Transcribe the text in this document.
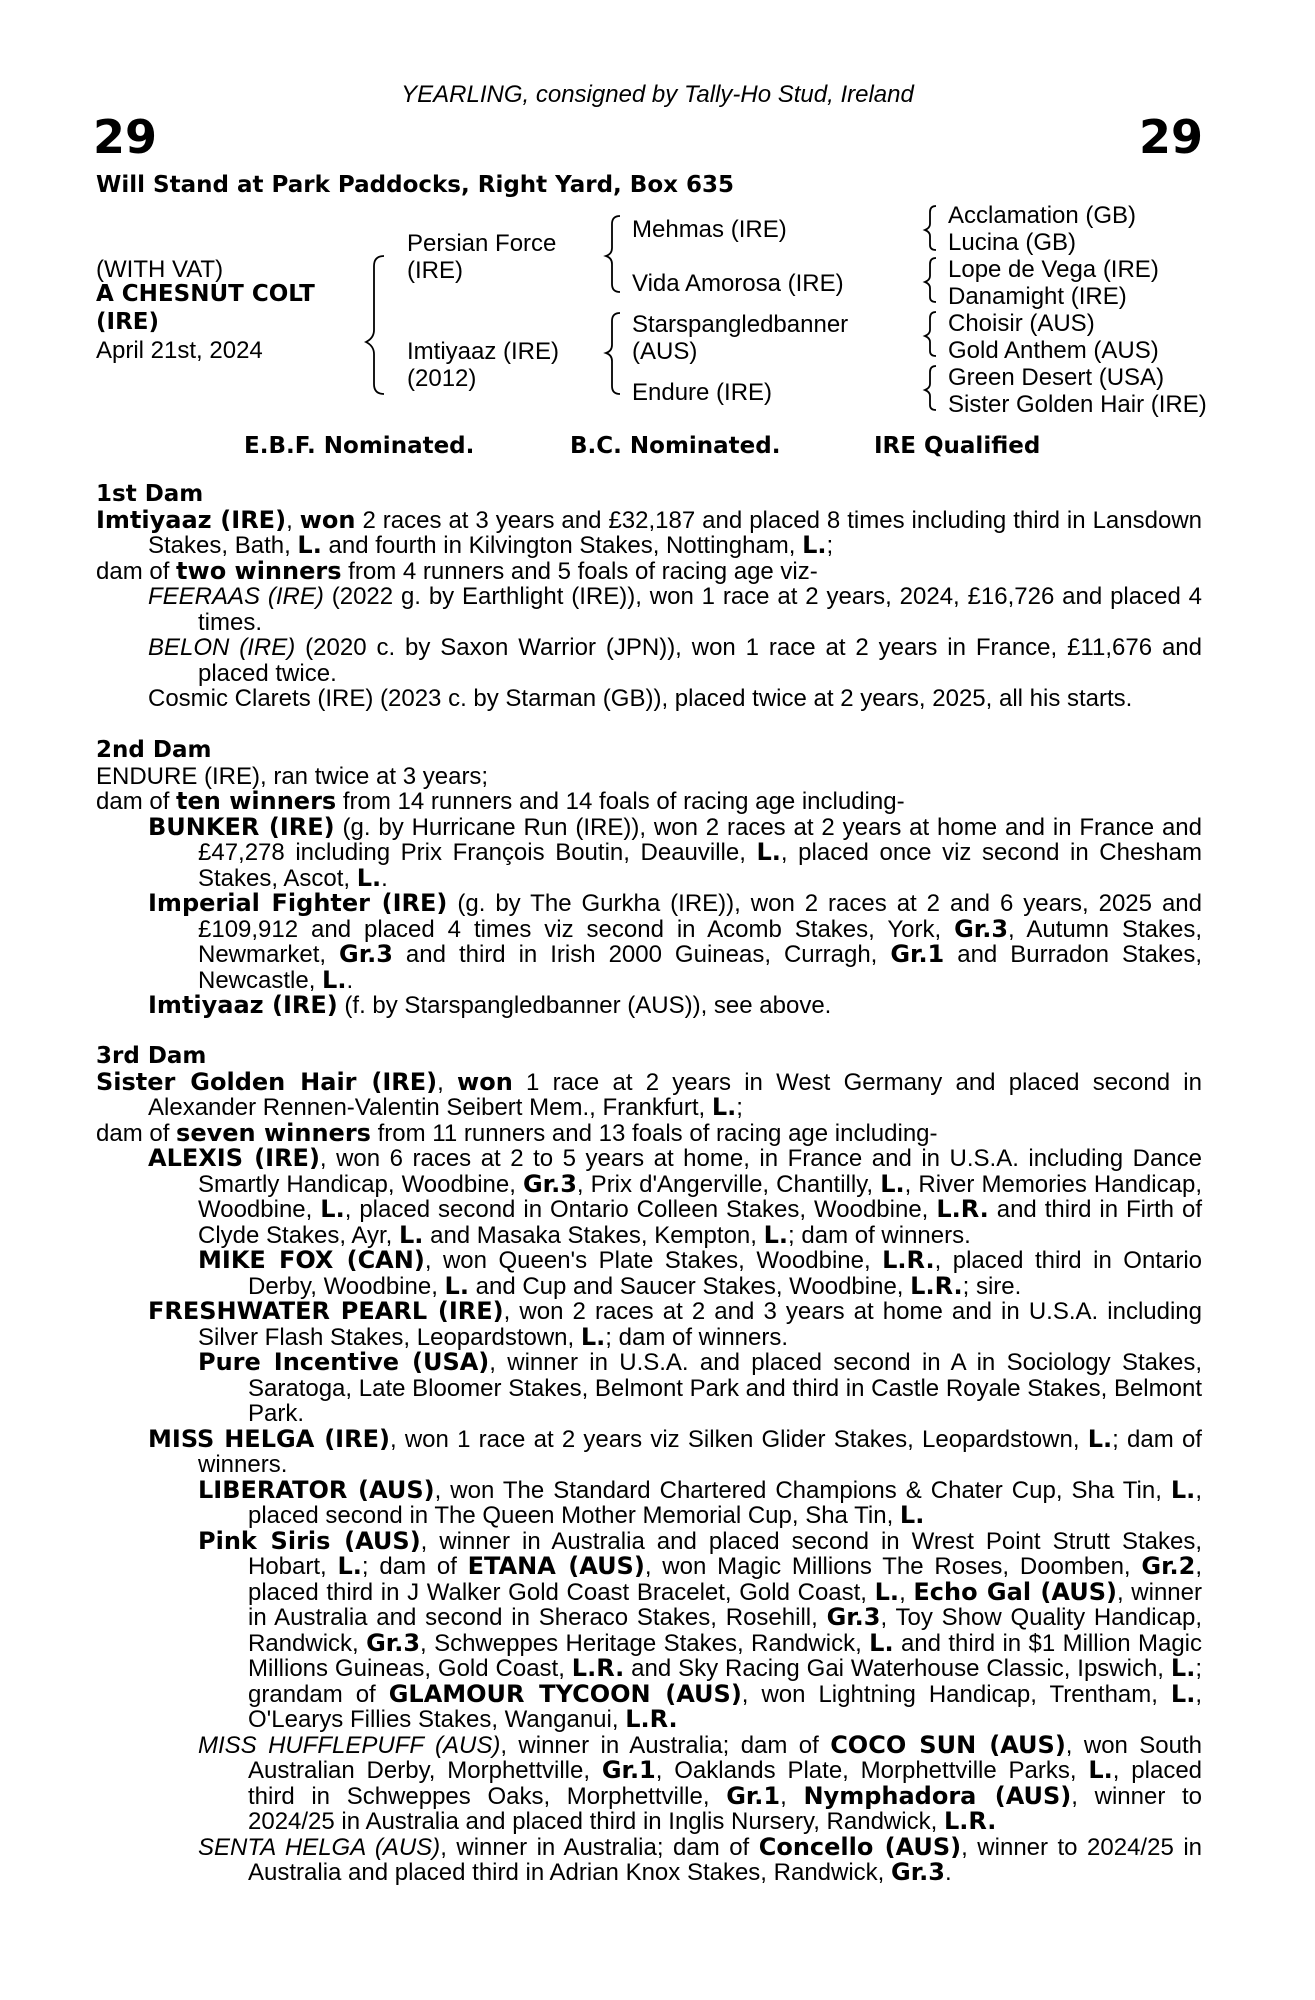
YEARLING, consigned by Tally-Ho Stud, Ireland
29	29
Will Stand at Park Paddocks, Right Yard, Box 635
(WITH VAT)
A CHESNUT COLT
(IRE)
April 21st, 2024
Persian Force
(IRE)
Imtiyaaz (IRE)
(2012)
Mehmas (IRE)
Vida Amorosa (IRE)
Starspangledbanner
(AUS)
Endure (IRE)
Acclamation (GB)
Lucina (GB)
Lope de Vega (IRE)
Danamight (IRE)
Choisir (AUS)
Gold Anthem (AUS)
Green Desert (USA)
Sister Golden Hair (IRE)
E.B.F. Nominated.	B.C. Nominated.	IRE Qualified

1st Dam

Imtiyaaz (IRE), won 2 races at 3 years and £32,187 and placed 8 times including third in Lansdown Stakes, Bath, L. and fourth in Kilvington Stakes, Nottingham, L.;

dam of two winners from 4 runners and 5 foals of racing age viz-

FEERAAS (IRE) (2022 g. by Earthlight (IRE)), won 1 race at 2 years, 2024, £16,726 and placed 4 times.

BELON (IRE) (2020 c. by Saxon Warrior (JPN)), won 1 race at 2 years in France, £11,676 and placed twice.

Cosmic Clarets (IRE) (2023 c. by Starman (GB)), placed twice at 2 years, 2025, all his starts.

2nd Dam

ENDURE (IRE), ran twice at 3 years;

dam of ten winners from 14 runners and 14 foals of racing age including-

BUNKER (IRE) (g. by Hurricane Run (IRE)), won 2 races at 2 years at home and in France and £47,278 including Prix François Boutin, Deauville, L., placed once viz second in Chesham Stakes, Ascot, L..

Imperial Fighter (IRE) (g. by The Gurkha (IRE)), won 2 races at 2 and 6 years, 2025 and £109,912 and placed 4 times viz second in Acomb Stakes, York, Gr.3, Autumn Stakes, Newmarket, Gr.3 and third in Irish 2000 Guineas, Curragh, Gr.1 and Burradon Stakes, Newcastle, L..

Imtiyaaz (IRE) (f. by Starspangledbanner (AUS)), see above.

3rd Dam

Sister Golden Hair (IRE), won 1 race at 2 years in West Germany and placed second in Alexander Rennen-Valentin Seibert Mem., Frankfurt, L.;

dam of seven winners from 11 runners and 13 foals of racing age including-

ALEXIS (IRE), won 6 races at 2 to 5 years at home, in France and in U.S.A. including Dance Smartly Handicap, Woodbine, Gr.3, Prix d'Angerville, Chantilly, L., River Memories Handicap, Woodbine, L., placed second in Ontario Colleen Stakes, Woodbine, L.R. and third in Firth of Clyde Stakes, Ayr, L. and Masaka Stakes, Kempton, L.; dam of winners.

MIKE FOX (CAN), won Queen's Plate Stakes, Woodbine, L.R., placed third in Ontario Derby, Woodbine, L. and Cup and Saucer Stakes, Woodbine, L.R.; sire.

FRESHWATER PEARL (IRE), won 2 races at 2 and 3 years at home and in U.S.A. including Silver Flash Stakes, Leopardstown, L.; dam of winners.

Pure Incentive (USA), winner in U.S.A. and placed second in A in Sociology Stakes, Saratoga, Late Bloomer Stakes, Belmont Park and third in Castle Royale Stakes, Belmont Park.

MISS HELGA (IRE), won 1 race at 2 years viz Silken Glider Stakes, Leopardstown, L.; dam of winners.

LIBERATOR (AUS), won The Standard Chartered Champions & Chater Cup, Sha Tin, L., placed second in The Queen Mother Memorial Cup, Sha Tin, L.

Pink Siris (AUS), winner in Australia and placed second in Wrest Point Strutt Stakes, Hobart, L.; dam of ETANA (AUS), won Magic Millions The Roses, Doomben, Gr.2, placed third in J Walker Gold Coast Bracelet, Gold Coast, L., Echo Gal (AUS), winner in Australia and second in Sheraco Stakes, Rosehill, Gr.3, Toy Show Quality Handicap, Randwick, Gr.3, Schweppes Heritage Stakes, Randwick, L. and third in $1 Million Magic Millions Guineas, Gold Coast, L.R. and Sky Racing Gai Waterhouse Classic, Ipswich, L.; grandam of GLAMOUR TYCOON (AUS), won Lightning Handicap, Trentham, L., O'Learys Fillies Stakes, Wanganui, L.R.

MISS HUFFLEPUFF (AUS), winner in Australia; dam of COCO SUN (AUS), won South Australian Derby, Morphettville, Gr.1, Oaklands Plate, Morphettville Parks, L., placed third in Schweppes Oaks, Morphettville, Gr.1, Nymphadora (AUS), winner to 2024/25 in Australia and placed third in Inglis Nursery, Randwick, L.R.

SENTA HELGA (AUS), winner in Australia; dam of Concello (AUS), winner to 2024/25 in Australia and placed third in Adrian Knox Stakes, Randwick, Gr.3.
